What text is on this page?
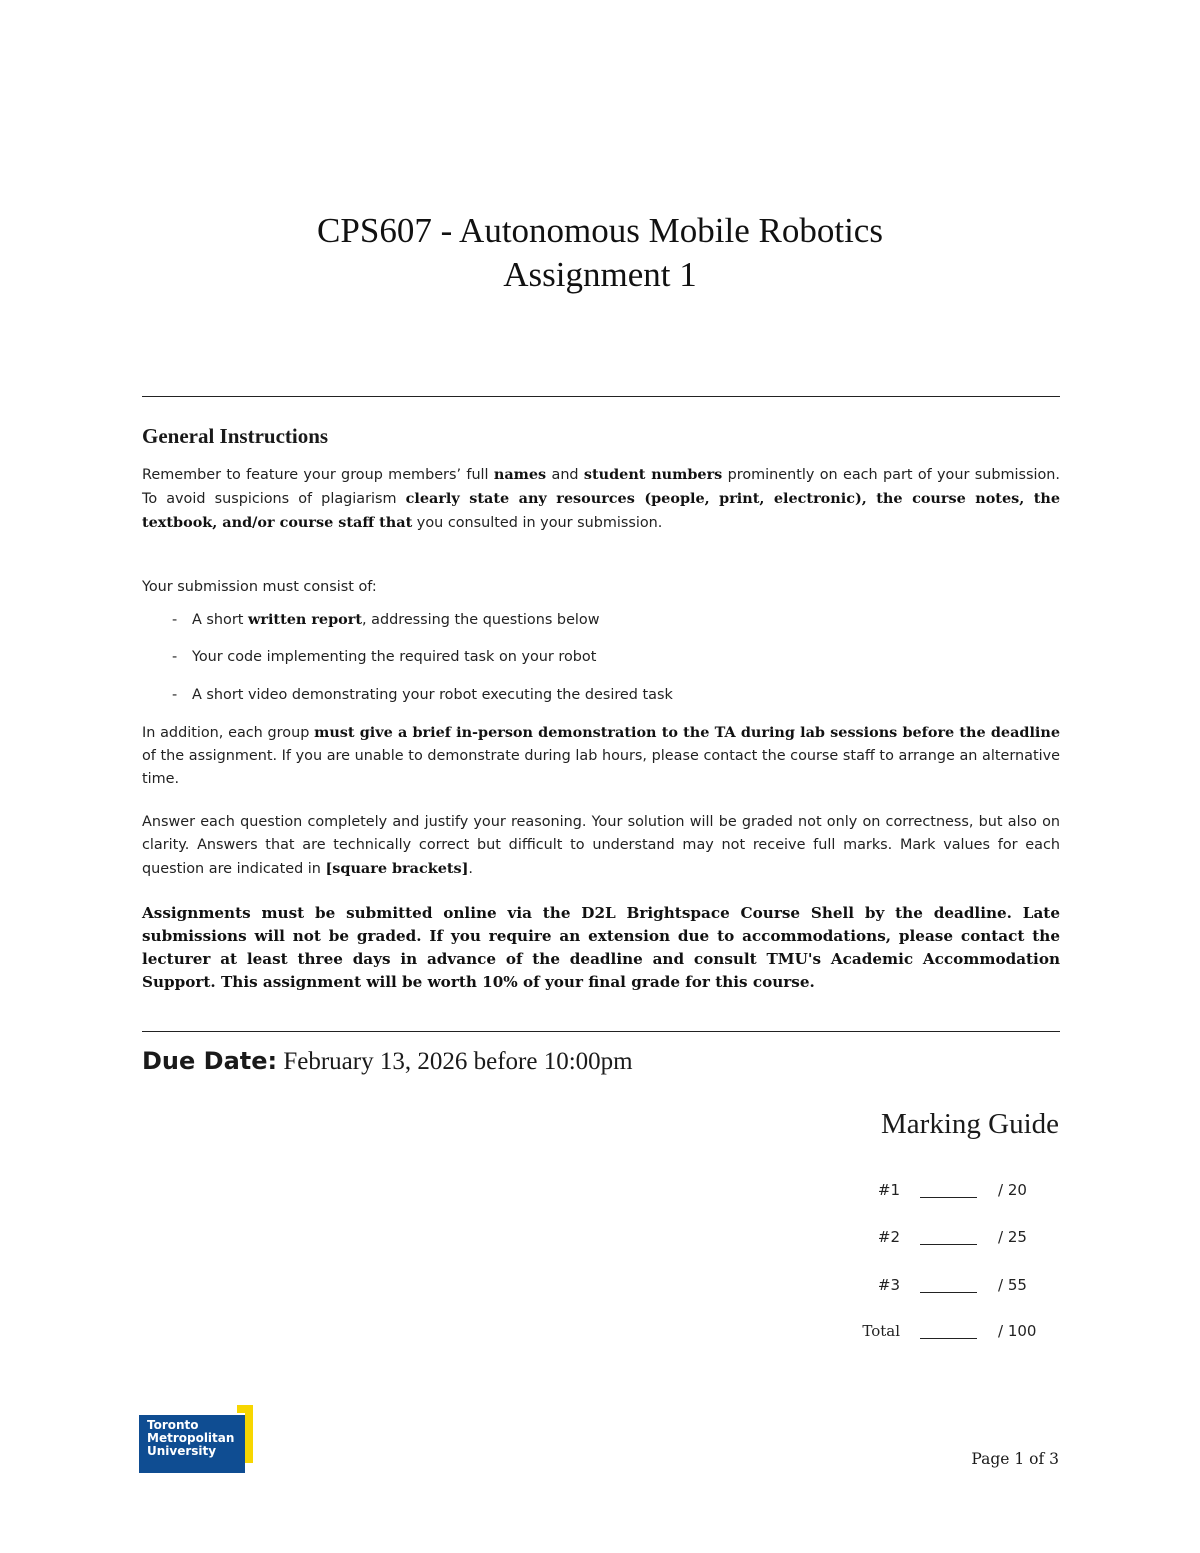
CPS607 - Autonomous Mobile Robotics
Assignment 1
General Instructions
Remember to feature your group members’ full names and student numbers prominently on each part of your submission. To avoid suspicions of plagiarism clearly state any resources (people, print, electronic), the course notes, the textbook, and/or course staff that you consulted in your submission.
Your submission must consist of:
- A short written report, addressing the questions below
- Your code implementing the required task on your robot
- A short video demonstrating your robot executing the desired task
In addition, each group must give a brief in-person demonstration to the TA during lab sessions before the deadline of the assignment. If you are unable to demonstrate during lab hours, please contact the course staff to arrange an alternative time.
Answer each question completely and justify your reasoning. Your solution will be graded not only on correctness, but also on clarity. Answers that are technically correct but difficult to understand may not receive full marks. Mark values for each question are indicated in [square brackets].
Assignments must be submitted online via the D2L Brightspace Course Shell by the deadline. Late submissions will not be graded. If you require an extension due to accommodations, please contact the lecturer at least three days in advance of the deadline and consult TMU's Academic Accommodation Support. This assignment will be worth 10% of your final grade for this course.
Due Date: February 13, 2026 before 10:00pm
Marking Guide
#1	/ 20
#2	/ 25
#3	/ 55
Total	/ 100
Toronto
Metropolitan
University	Page 1 of 3
